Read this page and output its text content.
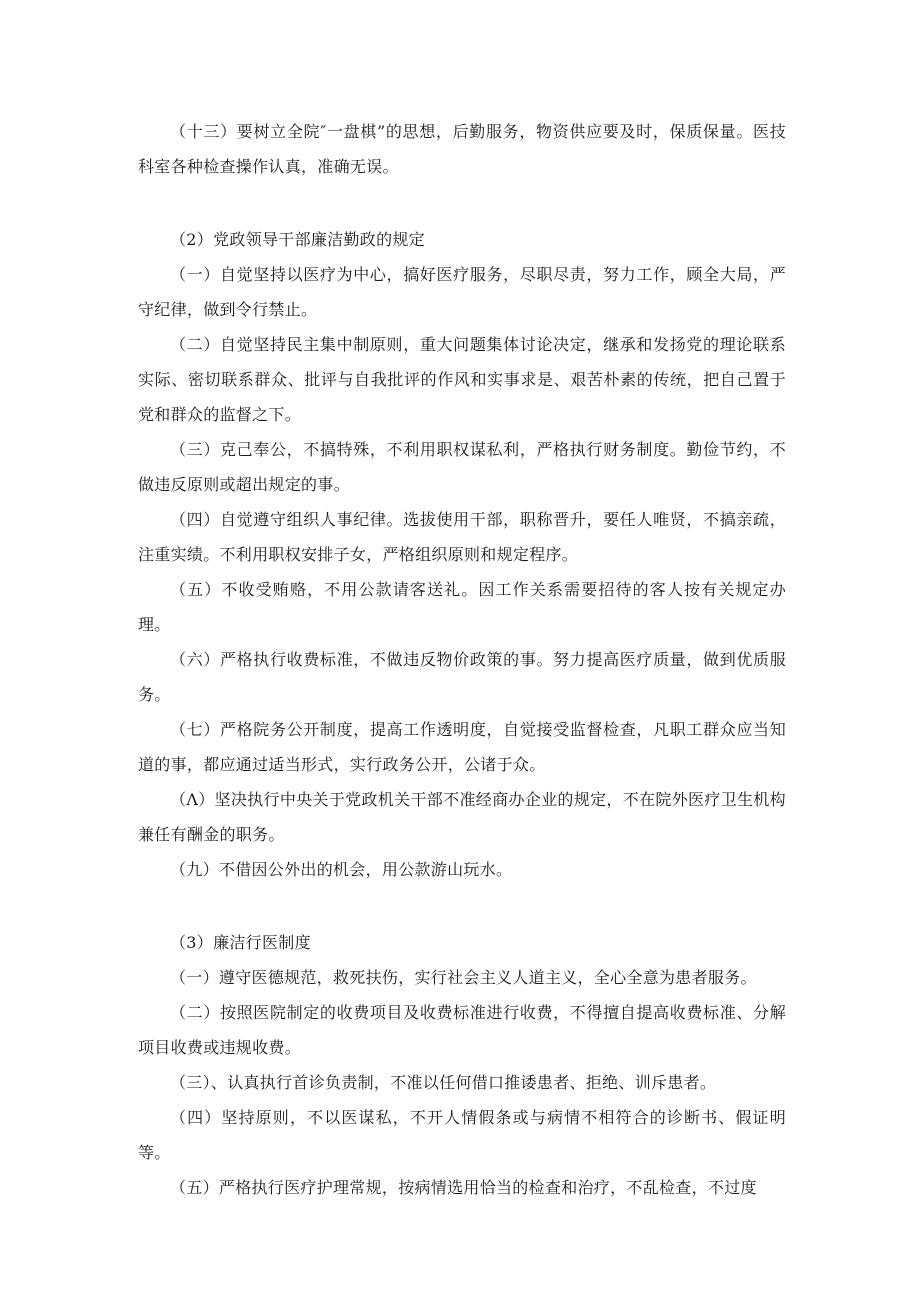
（十三）要树立全院″一盘棋”的思想，后勤服务，物资供应要及时，保质保量。医技科室各种检查操作认真，准确无误。

（2）党政领导干部廉洁勤政的规定

（一）自觉坚持以医疗为中心，搞好医疗服务，尽职尽责，努力工作，顾全大局，严守纪律，做到令行禁止。

（二）自觉坚持民主集中制原则，重大问题集体讨论决定，继承和发扬党的理论联系实际、密切联系群众、批评与自我批评的作风和实事求是、艰苦朴素的传统，把自己置于党和群众的监督之下。

（三）克己奉公，不搞特殊，不利用职权谋私利，严格执行财务制度。勤俭节约，不做违反原则或超出规定的事。

（四）自觉遵守组织人事纪律。选拔使用干部，职称晋升，要任人唯贤，不搞亲疏，注重实绩。不利用职权安排子女，严格组织原则和规定程序。

（五）不收受贿赂，不用公款请客送礼。因工作关系需要招待的客人按有关规定办理。

（六）严格执行收费标准，不做违反物价政策的事。努力提高医疗质量，做到优质服务。

（七）严格院务公开制度，提高工作透明度，自觉接受监督检查，凡职工群众应当知道的事，都应通过适当形式，实行政务公开，公诸于众。

（Λ）坚决执行中央关于党政机关干部不准经商办企业的规定，不在院外医疗卫生机构兼任有酬金的职务。

（九）不借因公外出的机会，用公款游山玩水。

（3）廉洁行医制度

（一）遵守医德规范，救死扶伤，实行社会主义人道主义，全心全意为患者服务。

（二）按照医院制定的收费项目及收费标准进行收费，不得擅自提高收费标准、分解项目收费或违规收费。

（三）、认真执行首诊负责制，不准以任何借口推诿患者、拒绝、训斥患者。

（四）坚持原则，不以医谋私，不开人情假条或与病情不相符合的诊断书、假证明等。

（五）严格执行医疗护理常规，按病情选用恰当的检查和治疗，不乱检查，不过度
